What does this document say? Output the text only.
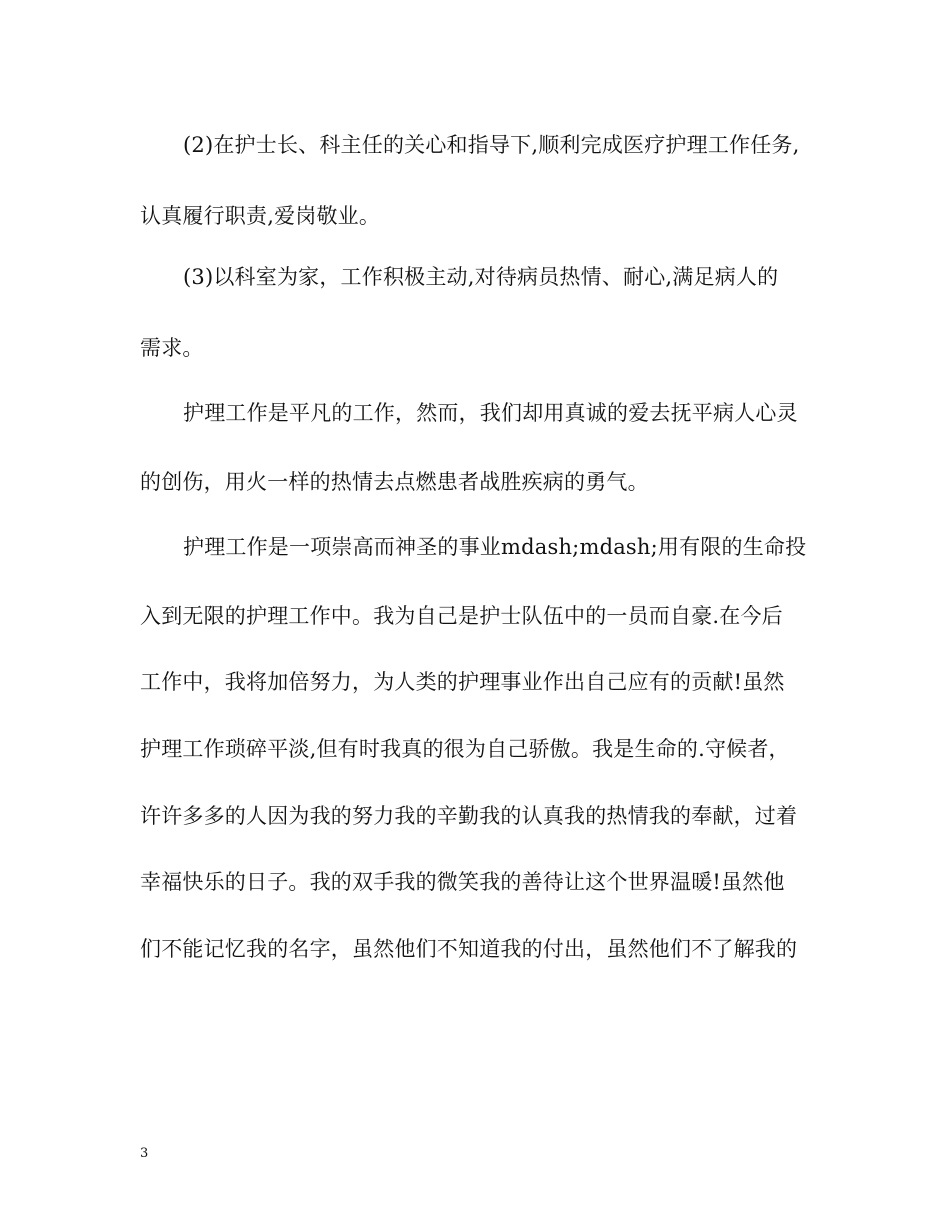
(2)在护士长、科主任的关心和指导下,顺利完成医疗护理工作任务,
认真履行职责,爱岗敬业。
(3)以科室为家，工作积极主动,对待病员热情、耐心,满足病人的
需求。
护理工作是平凡的工作，然而，我们却用真诚的爱去抚平病人心灵
的创伤，用火一样的热情去点燃患者战胜疾病的勇气。
护理工作是一项崇高而神圣的事业mdash;mdash;用有限的生命投
入到无限的护理工作中。我为自己是护士队伍中的一员而自豪.在今后
工作中，我将加倍努力，为人类的护理事业作出自己应有的贡献!虽然
护理工作琐碎平淡,但有时我真的很为自己骄傲。我是生命的.守候者，
许许多多的人因为我的努力我的辛勤我的认真我的热情我的奉献，过着
幸福快乐的日子。我的双手我的微笑我的善待让这个世界温暖!虽然他
们不能记忆我的名字，虽然他们不知道我的付出，虽然他们不了解我的
3
